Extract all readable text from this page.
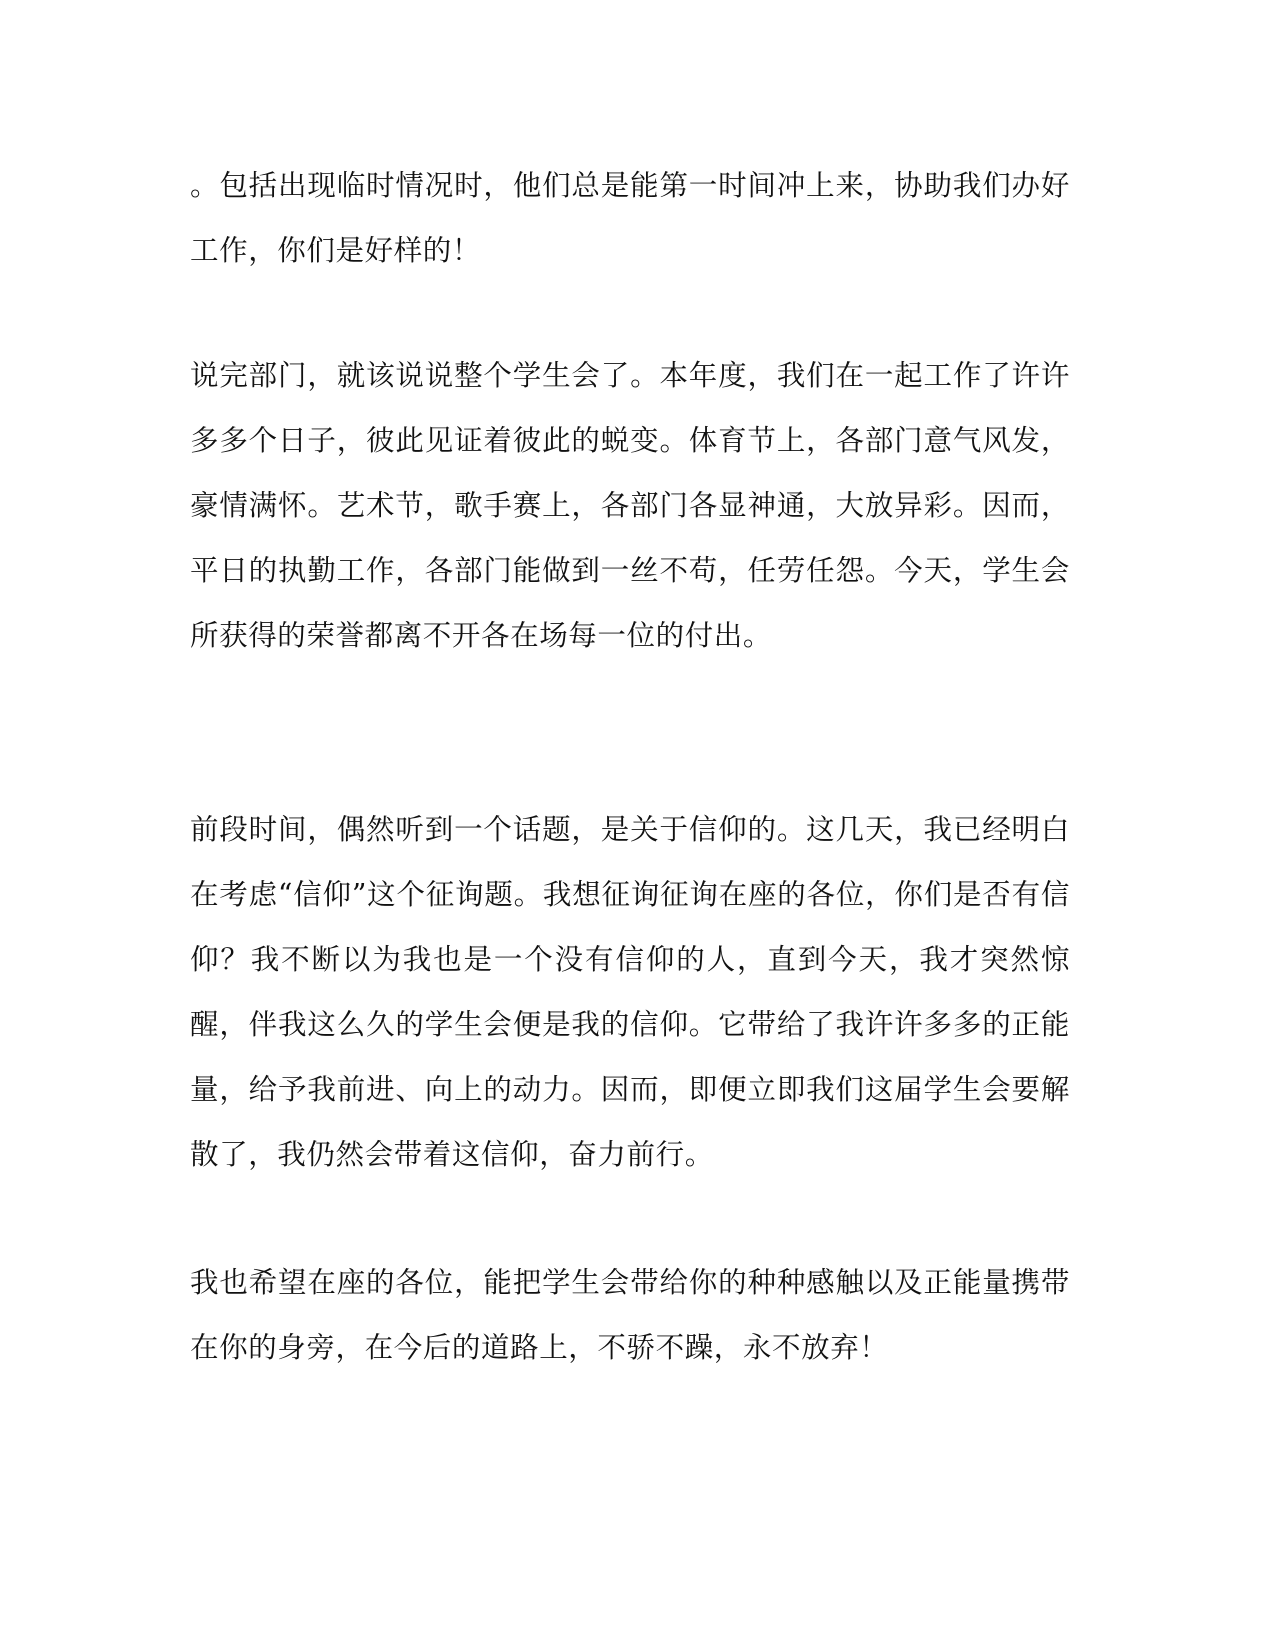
。包括出现临时情况时，他们总是能第一时间冲上来，协助我们办好工作，你们是好样的！

说完部门，就该说说整个学生会了。本年度，我们在一起工作了许许多多个日子，彼此见证着彼此的蜕变。体育节上，各部门意气风发，豪情满怀。艺术节，歌手赛上，各部门各显神通，大放异彩。因而，平日的执勤工作，各部门能做到一丝不苟，任劳任怨。今天，学生会所获得的荣誉都离不开各在场每一位的付出。

前段时间，偶然听到一个话题，是关于信仰的。这几天，我已经明白在考虑“信仰”这个征询题。我想征询征询在座的各位，你们是否有信仰？我不断以为我也是一个没有信仰的人，直到今天，我才突然惊醒，伴我这么久的学生会便是我的信仰。它带给了我许许多多的正能量，给予我前进、向上的动力。因而，即便立即我们这届学生会要解散了，我仍然会带着这信仰，奋力前行。

我也希望在座的各位，能把学生会带给你的种种感触以及正能量携带在你的身旁，在今后的道路上，不骄不躁，永不放弃！
